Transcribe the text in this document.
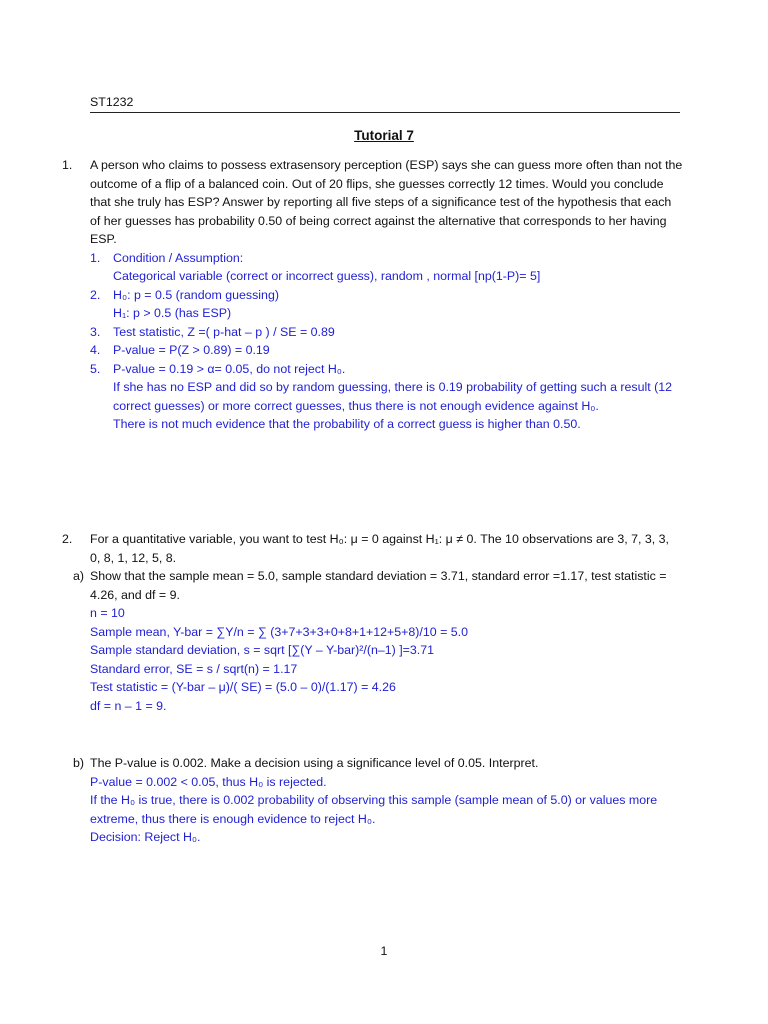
ST1232
Tutorial 7
1. A person who claims to possess extrasensory perception (ESP) says she can guess more often than not the
outcome of a flip of a balanced coin. Out of 20 flips, she guesses correctly 12 times. Would you conclude
that she truly has ESP? Answer by reporting all five steps of a significance test of the hypothesis that each
of her guesses has probability 0.50 of being correct against the alternative that corresponds to her having
ESP.
1. Condition / Assumption:
Categorical variable (correct or incorrect guess), random , normal [np(1-P)= 5]
2. H₀: p = 0.5 (random guessing)
H₁: p > 0.5 (has ESP)
3. Test statistic, Z =( p-hat – p ) / SE = 0.89
4. P-value = P(Z > 0.89) = 0.19
5. P-value = 0.19 > α= 0.05, do not reject H₀.
If she has no ESP and did so by random guessing, there is 0.19 probability of getting such a result (12
correct guesses) or more correct guesses, thus there is not enough evidence against H₀.
There is not much evidence that the probability of a correct guess is higher than 0.50.
2. For a quantitative variable, you want to test H₀: μ = 0 against H₁: μ ≠ 0. The 10 observations are 3, 7, 3, 3,
0, 8, 1, 12, 5, 8.
a) Show that the sample mean = 5.0, sample standard deviation = 3.71, standard error =1.17, test statistic =
4.26, and df = 9.
n = 10
Sample mean, Y-bar = ∑Y/n = ∑ (3+7+3+3+0+8+1+12+5+8)/10 = 5.0
Sample standard deviation, s = sqrt [∑(Y – Y-bar)²/(n–1) ]=3.71
Standard error, SE = s / sqrt(n) = 1.17
Test statistic = (Y-bar – μ)/( SE) = (5.0 – 0)/(1.17) = 4.26
df = n – 1 = 9.
b) The P-value is 0.002. Make a decision using a significance level of 0.05. Interpret.
P-value = 0.002 < 0.05, thus H₀ is rejected.
If the H₀ is true, there is 0.002 probability of observing this sample (sample mean of 5.0) or values more
extreme, thus there is enough evidence to reject H₀.
Decision: Reject H₀.
1
